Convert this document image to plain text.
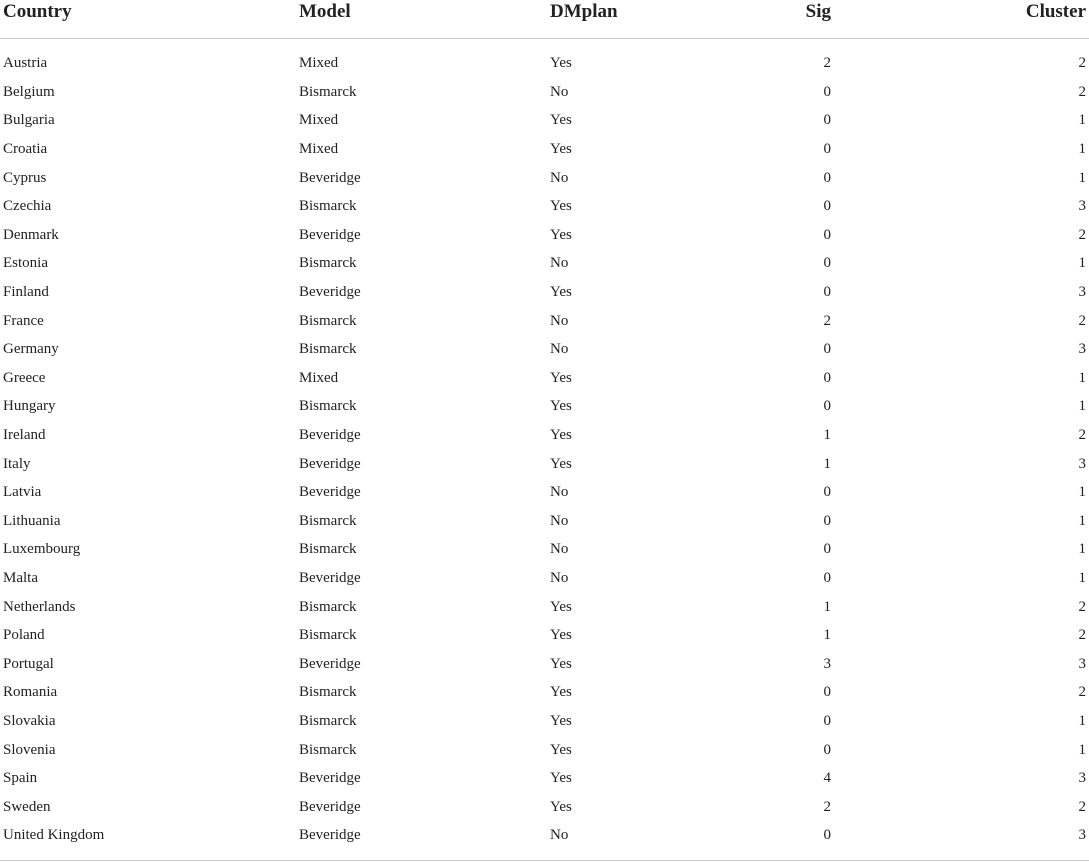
Country	Model	DMplan	Sig	Cluster
Austria	Mixed	Yes	2	2
Belgium	Bismarck	No	0	2
Bulgaria	Mixed	Yes	0	1
Croatia	Mixed	Yes	0	1
Cyprus	Beveridge	No	0	1
Czechia	Bismarck	Yes	0	3
Denmark	Beveridge	Yes	0	2
Estonia	Bismarck	No	0	1
Finland	Beveridge	Yes	0	3
France	Bismarck	No	2	2
Germany	Bismarck	No	0	3
Greece	Mixed	Yes	0	1
Hungary	Bismarck	Yes	0	1
Ireland	Beveridge	Yes	1	2
Italy	Beveridge	Yes	1	3
Latvia	Beveridge	No	0	1
Lithuania	Bismarck	No	0	1
Luxembourg	Bismarck	No	0	1
Malta	Beveridge	No	0	1
Netherlands	Bismarck	Yes	1	2
Poland	Bismarck	Yes	1	2
Portugal	Beveridge	Yes	3	3
Romania	Bismarck	Yes	0	2
Slovakia	Bismarck	Yes	0	1
Slovenia	Bismarck	Yes	0	1
Spain	Beveridge	Yes	4	3
Sweden	Beveridge	Yes	2	2
United Kingdom	Beveridge	No	0	3
